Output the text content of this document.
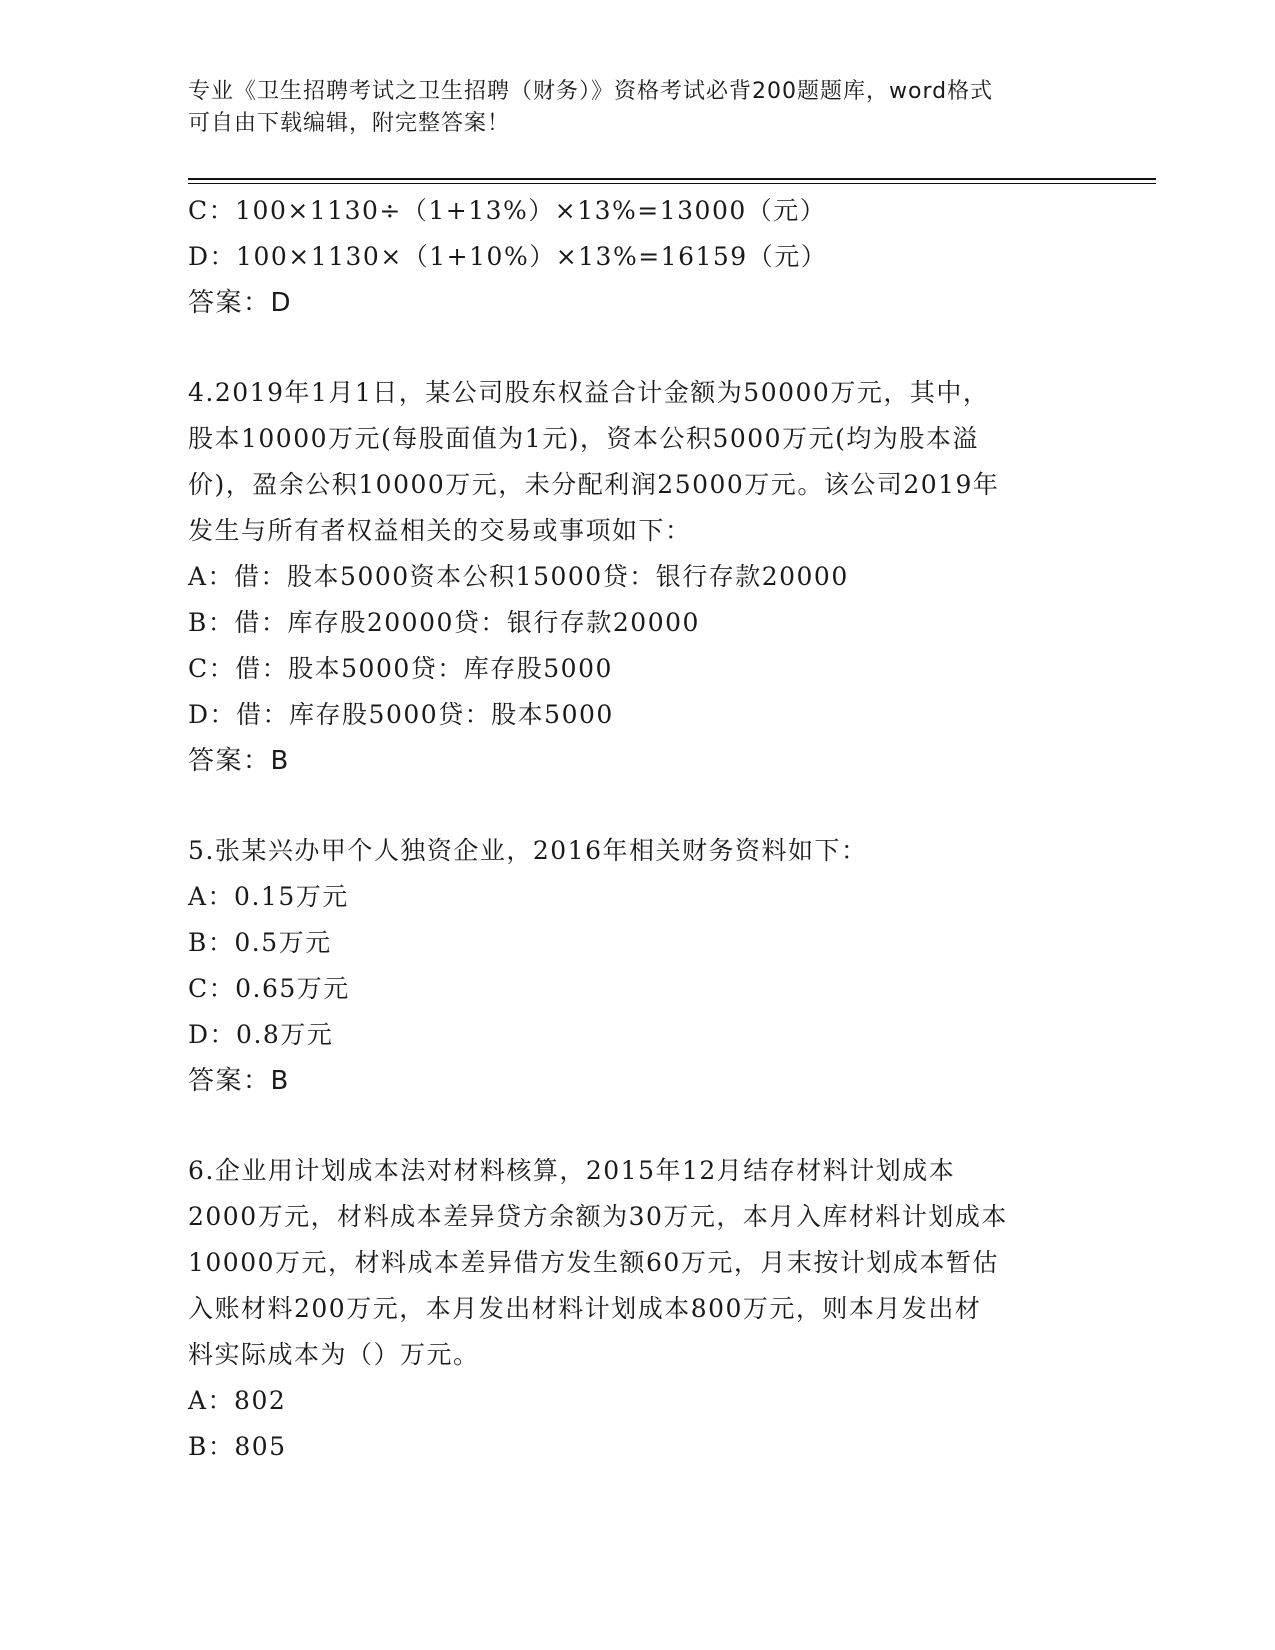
专业《卫生招聘考试之卫生招聘（财务）》资格考试必背200题题库，word格式
可自由下载编辑，附完整答案！
C：100×1130÷（1+13%）×13%=13000（元）
D：100×1130×（1+10%）×13%=16159（元）
答案：D
4.2019年1月1日，某公司股东权益合计金额为50000万元，其中，
股本10000万元(每股面值为1元)，资本公积5000万元(均为股本溢
价)，盈余公积10000万元，未分配利润25000万元。该公司2019年
发生与所有者权益相关的交易或事项如下：
A：借：股本5000资本公积15000贷：银行存款20000
B：借：库存股20000贷：银行存款20000
C：借：股本5000贷：库存股5000
D：借：库存股5000贷：股本5000
答案：B
5.张某兴办甲个人独资企业，2016年相关财务资料如下：
A：0.15万元
B：0.5万元
C：0.65万元
D：0.8万元
答案：B
6.企业用计划成本法对材料核算，2015年12月结存材料计划成本
2000万元，材料成本差异贷方余额为30万元，本月入库材料计划成本
10000万元，材料成本差异借方发生额60万元，月末按计划成本暂估
入账材料200万元，本月发出材料计划成本800万元，则本月发出材
料实际成本为（）万元。
A：802
B：805
